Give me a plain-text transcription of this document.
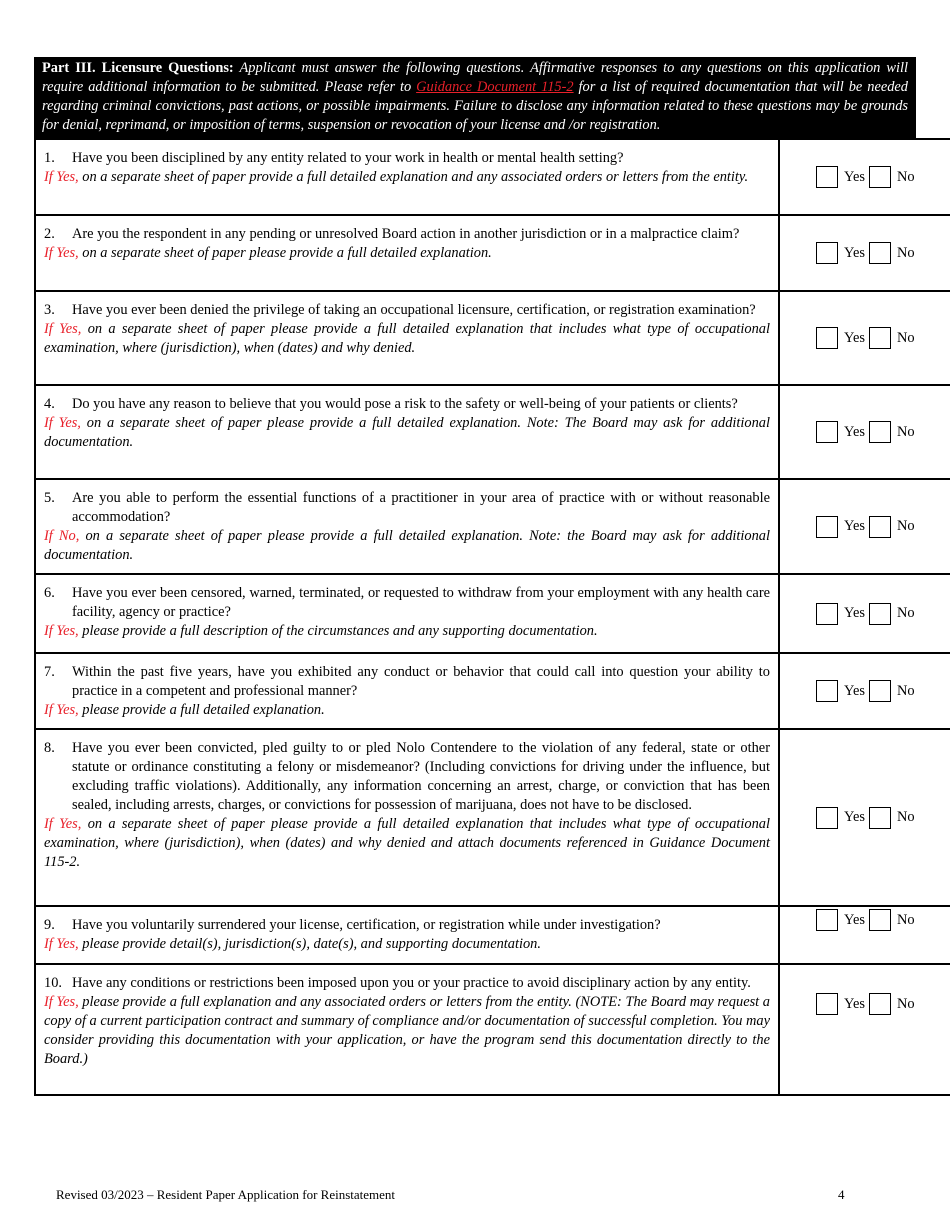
Part III. Licensure Questions: Applicant must answer the following questions. Affirmative responses to any questions on this application will require additional information to be submitted. Please refer to Guidance Document 115-2 for a list of required documentation that will be needed regarding criminal convictions, past actions, or possible impairments. Failure to disclose any information related to these questions may be grounds for denial, reprimand, or imposition of terms, suspension or revocation of your license and /or registration.
1. Have you been disciplined by any entity related to your work in health or mental health setting?
If Yes, on a separate sheet of paper provide a full detailed explanation and any associated orders or letters from the entity.	Yes No

2. Are you the respondent in any pending or unresolved Board action in another jurisdiction or in a malpractice claim?
If Yes, on a separate sheet of paper please provide a full detailed explanation.	Yes No

3. Have you ever been denied the privilege of taking an occupational licensure, certification, or registration examination?
If Yes, on a separate sheet of paper please provide a full detailed explanation that includes what type of occupational examination, where (jurisdiction), when (dates) and why denied.	Yes No

4. Do you have any reason to believe that you would pose a risk to the safety or well-being of your patients or clients?
If Yes, on a separate sheet of paper please provide a full detailed explanation. Note: The Board may ask for additional documentation.	Yes No

5. Are you able to perform the essential functions of a practitioner in your area of practice with or without reasonable accommodation?
If No, on a separate sheet of paper please provide a full detailed explanation. Note: the Board may ask for additional documentation.	Yes No

6. Have you ever been censored, warned, terminated, or requested to withdraw from your employment with any health care facility, agency or practice?
If Yes, please provide a full description of the circumstances and any supporting documentation.	Yes No

7. Within the past five years, have you exhibited any conduct or behavior that could call into question your ability to practice in a competent and professional manner?
If Yes, please provide a full detailed explanation.	Yes No

8. Have you ever been convicted, pled guilty to or pled Nolo Contendere to the violation of any federal, state or other statute or ordinance constituting a felony or misdemeanor? (Including convictions for driving under the influence, but excluding traffic violations). Additionally, any information concerning an arrest, charge, or conviction that has been sealed, including arrests, charges, or convictions for possession of marijuana, does not have to be disclosed.
If Yes, on a separate sheet of paper please provide a full detailed explanation that includes what type of occupational examination, where (jurisdiction), when (dates) and why denied and attach documents referenced in Guidance Document 115-2.	Yes No

9. Have you voluntarily surrendered your license, certification, or registration while under investigation?
If Yes, please provide detail(s), jurisdiction(s), date(s), and supporting documentation.	Yes No

10. Have any conditions or restrictions been imposed upon you or your practice to avoid disciplinary action by any entity.
If Yes, please provide a full explanation and any associated orders or letters from the entity. (NOTE: The Board may request a copy of a current participation contract and summary of compliance and/or documentation of successful completion. You may consider providing this documentation with your application, or have the program send this documentation directly to the Board.)	Yes No
Revised 03/2023 – Resident Paper Application for Reinstatement	4
